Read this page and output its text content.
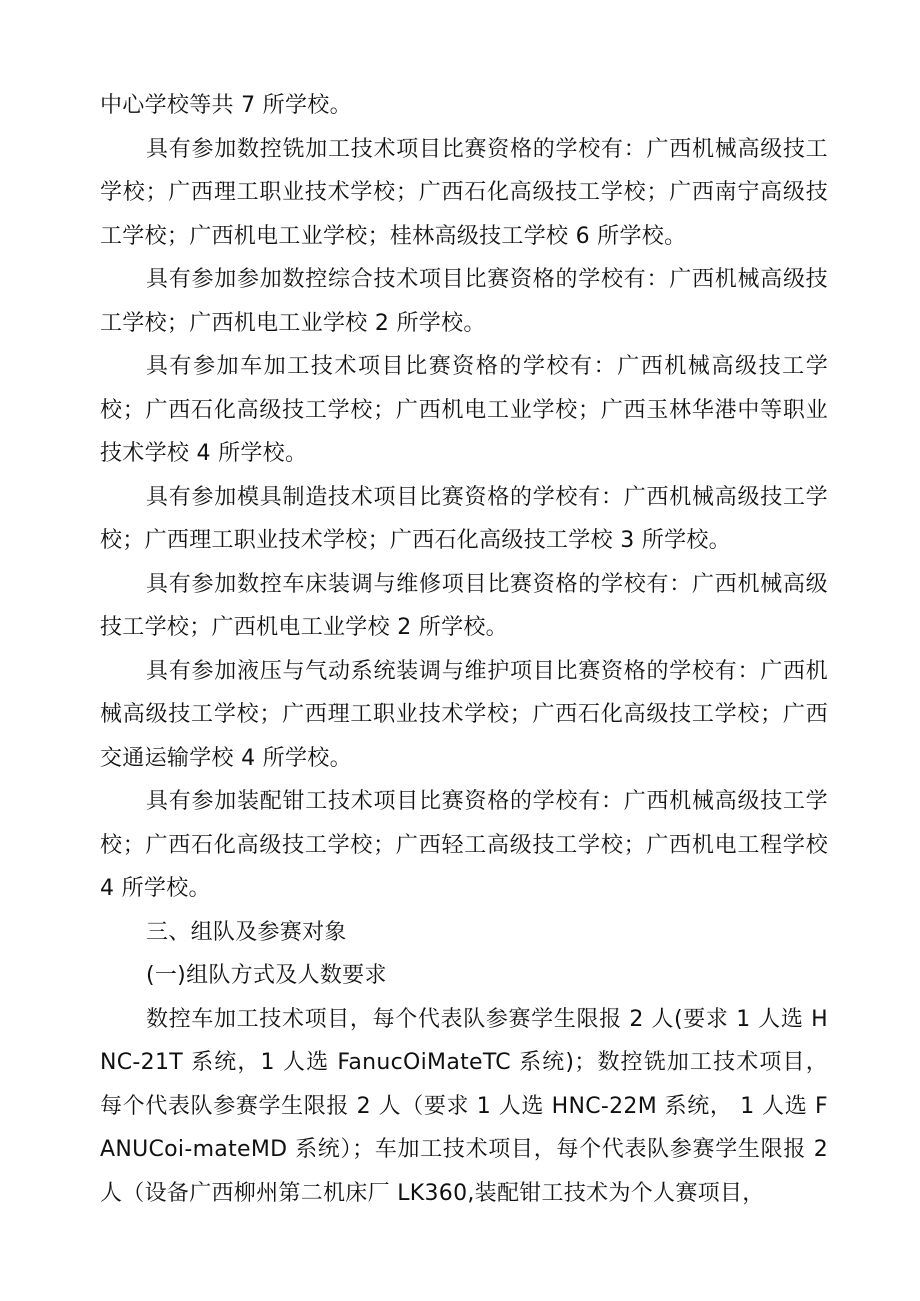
中心学校等共 7 所学校。

具有参加数控铣加工技术项目比赛资格的学校有：广西机械高级技工学校；广西理工职业技术学校；广西石化高级技工学校；广西南宁高级技工学校；广西机电工业学校；桂林高级技工学校 6 所学校。

具有参加参加数控综合技术项目比赛资格的学校有：广西机械高级技工学校；广西机电工业学校 2 所学校。

具有参加车加工技术项目比赛资格的学校有：广西机械高级技工学校；广西石化高级技工学校；广西机电工业学校；广西玉林华港中等职业技术学校 4 所学校。

具有参加模具制造技术项目比赛资格的学校有：广西机械高级技工学校；广西理工职业技术学校；广西石化高级技工学校 3 所学校。

具有参加数控车床装调与维修项目比赛资格的学校有：广西机械高级技工学校；广西机电工业学校 2 所学校。

具有参加液压与气动系统装调与维护项目比赛资格的学校有：广西机械高级技工学校；广西理工职业技术学校；广西石化高级技工学校；广西交通运输学校 4 所学校。

具有参加装配钳工技术项目比赛资格的学校有：广西机械高级技工学校；广西石化高级技工学校；广西轻工高级技工学校；广西机电工程学校 4 所学校。

三、组队及参赛对象

(一)组队方式及人数要求

数控车加工技术项目，每个代表队参赛学生限报 2 人(要求 1 人选 HNC-21T 系统，1 人选 FanucOiMateTC 系统)；数控铣加工技术项目，每个代表队参赛学生限报 2 人（要求 1 人选 HNC-22M 系统， 1 人选 FANUCoi-mateMD 系统）；车加工技术项目，每个代表队参赛学生限报 2 人（设备广西柳州第二机床厂 LK360,装配钳工技术为个人赛项目，
